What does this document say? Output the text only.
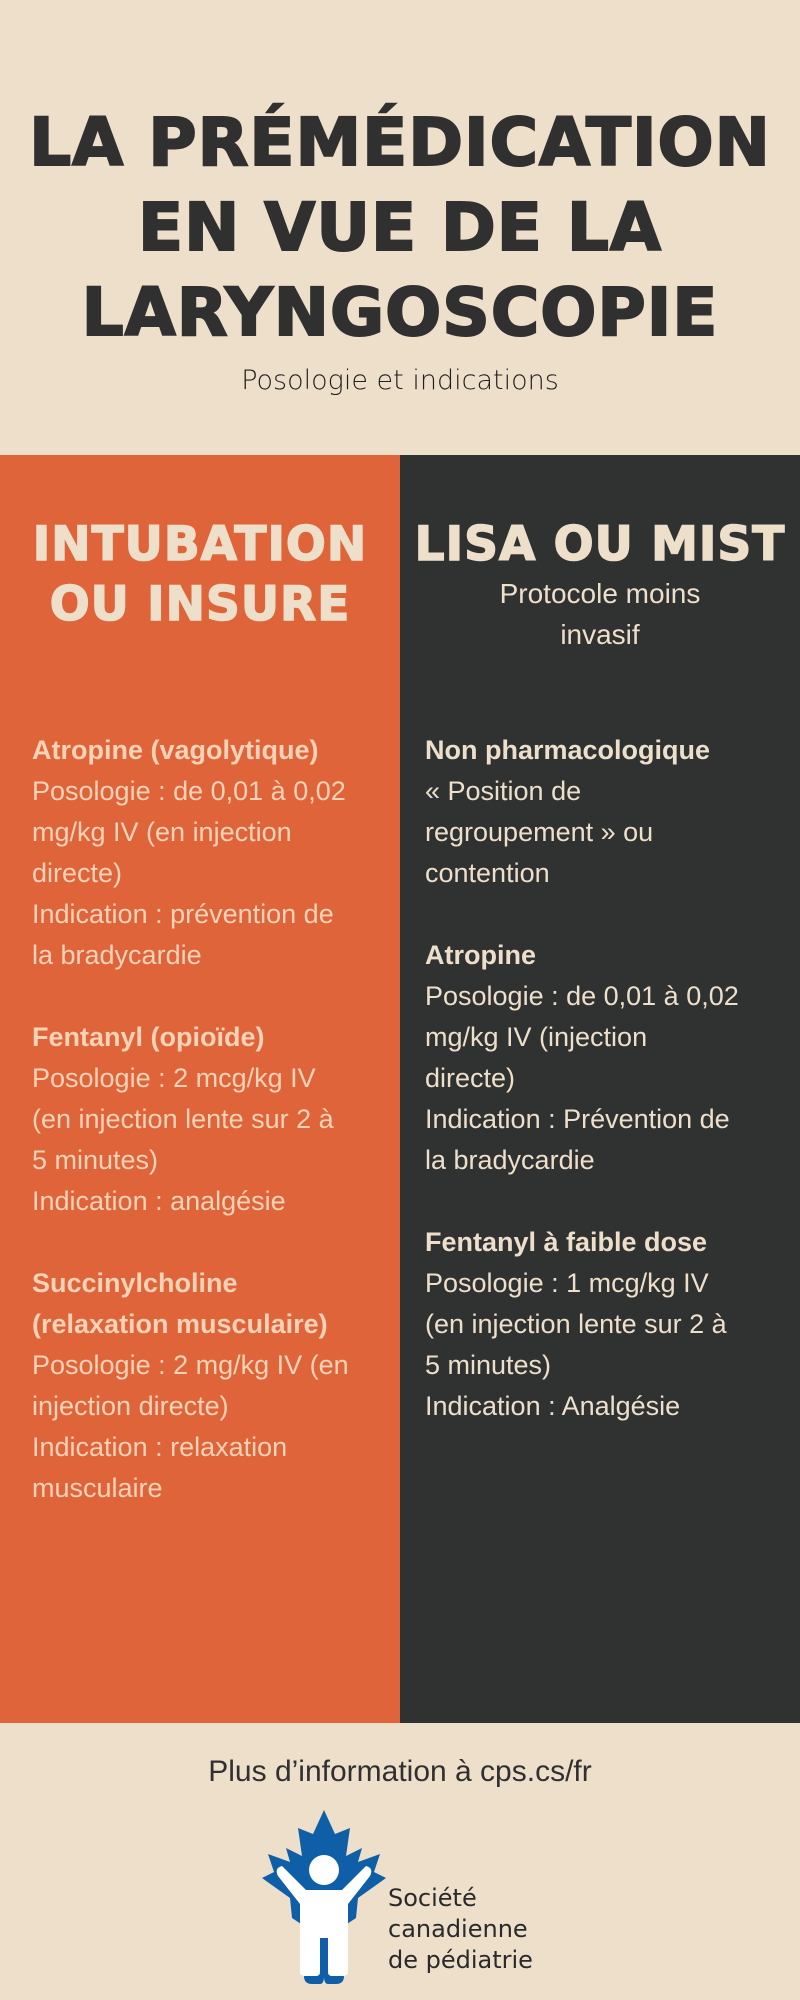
LA PRÉMÉDICATION
EN VUE DE LA
LARYNGOSCOPIE
Posologie et indications
INTUBATION
OU INSURE
Atropine (vagolytique)
Posologie : de 0,01 à 0,02
mg/kg IV (en injection
directe)
Indication : prévention de
la bradycardie
Fentanyl (opioïde)
Posologie : 2 mcg/kg IV
(en injection lente sur 2 à
5 minutes)
Indication : analgésie
Succinylcholine
(relaxation musculaire)
Posologie : 2 mg/kg IV (en
injection directe)
Indication : relaxation
musculaire
LISA OU MIST
Protocole moins
invasif
Non pharmacologique
« Position de
regroupement » ou
contention
Atropine
Posologie : de 0,01 à 0,02
mg/kg IV (injection
directe)
Indication : Prévention de
la bradycardie
Fentanyl à faible dose
Posologie : 1 mcg/kg IV
(en injection lente sur 2 à
5 minutes)
Indication : Analgésie
Plus d’information à cps.cs/fr
Société
canadienne
de pédiatrie
